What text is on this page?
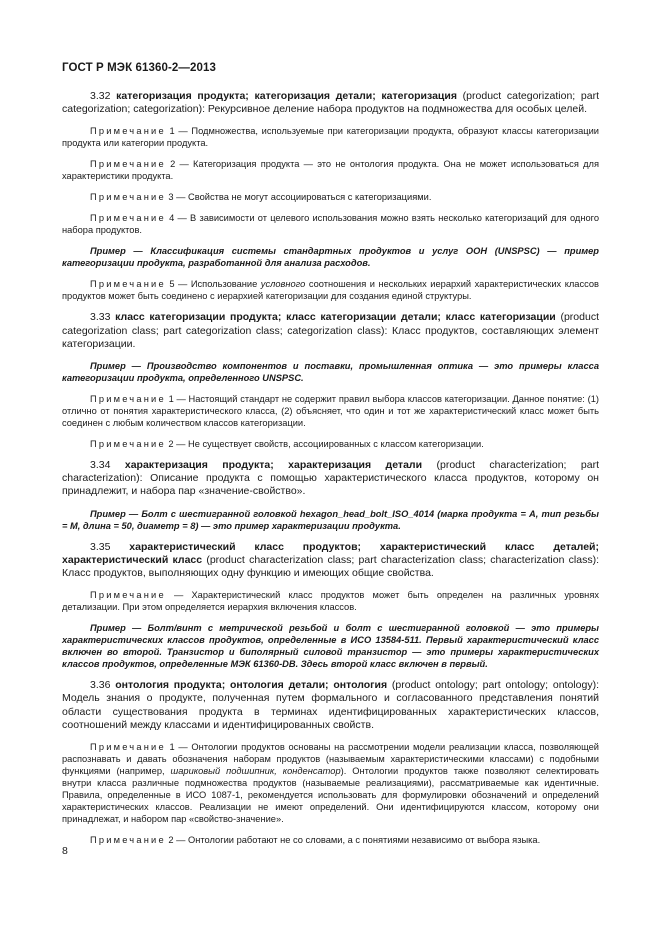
ГОСТ Р МЭК 61360-2—2013

3.32 категоризация продукта; категоризация детали; категоризация (product categorization; part categorization; categorization): Рекурсивное деление набора продуктов на подмножества для особых целей.

Примечание 1 — Подмножества, используемые при категоризации продукта, образуют классы категоризации продукта или категории продукта.

Примечание 2 — Категоризация продукта — это не онтология продукта. Она не может использоваться для характеристики продукта.

Примечание 3 — Свойства не могут ассоциироваться с категоризациями.

Примечание 4 — В зависимости от целевого использования можно взять несколько категоризаций для одного набора продуктов.

Пример — Классификация системы стандартных продуктов и услуг ООН (UNSPSC) — пример категоризации продукта, разработанной для анализа расходов.

Примечание 5 — Использование условного соотношения и нескольких иерархий характеристических классов продуктов может быть соединено с иерархией категоризации для создания единой структуры.

3.33 класс категоризации продукта; класс категоризации детали; класс категоризации (product categorization class; part categorization class; categorization class): Класс продуктов, составляющих элемент категоризации.

Пример — Производство компонентов и поставки, промышленная оптика — это примеры класса категоризации продукта, определенного UNSPSC.

Примечание 1 — Настоящий стандарт не содержит правил выбора классов категоризации. Данное понятие: (1) отлично от понятия характеристического класса, (2) объясняет, что один и тот же характеристический класс может быть соединен с любым количеством классов категоризации.

Примечание 2 — Не существует свойств, ассоциированных с классом категоризации.

3.34 характеризация продукта; характеризация детали (product characterization; part characterization): Описание продукта с помощью характеристического класса продуктов, которому он принадлежит, и набора пар «значение-свойство».

Пример — Болт с шестигранной головкой hexagon_head_bolt_ISO_4014 (марка продукта = A, тип резьбы = M, длина = 50, диаметр = 8) — это пример характеризации продукта.

3.35 характеристический класс продуктов; характеристический класс деталей; характеристический класс (product characterization class; part characterization class; characterization class): Класс продуктов, выполняющих одну функцию и имеющих общие свойства.

Примечание — Характеристический класс продуктов может быть определен на различных уровнях детализации. При этом определяется иерархия включения классов.

Пример — Болт/винт с метрической резьбой и болт с шестигранной головкой — это примеры характеристических классов продуктов, определенные в ИСО 13584-511. Первый характеристический класс включен во второй. Транзистор и биполярный силовой транзистор — это примеры характеристических классов продуктов, определенные МЭК 61360-DB. Здесь второй класс включен в первый.

3.36 онтология продукта; онтология детали; онтология (product ontology; part ontology; ontology): Модель знания о продукте, полученная путем формального и согласованного представления понятий области существования продукта в терминах идентифицированных характеристических классов, соотношений между классами и идентифицированных свойств.

Примечание 1 — Онтологии продуктов основаны на рассмотрении модели реализации класса, позволяющей распознавать и давать обозначения наборам продуктов (называемым характеристическими классами) с подобными функциями (например, шариковый подшипник, конденсатор). Онтологии продуктов также позволяют селектировать внутри класса различные подмножества продуктов (называемые реализациями), рассматриваемые как идентичные. Правила, определенные в ИСО 1087-1, рекомендуется использовать для формулировки обозначений и определений характеристических классов. Реализации не имеют определений. Они идентифицируются классом, которому они принадлежат, и набором пар «свойство-значение».

Примечание 2 — Онтологии работают не со словами, а с понятиями независимо от выбора языка.

8
